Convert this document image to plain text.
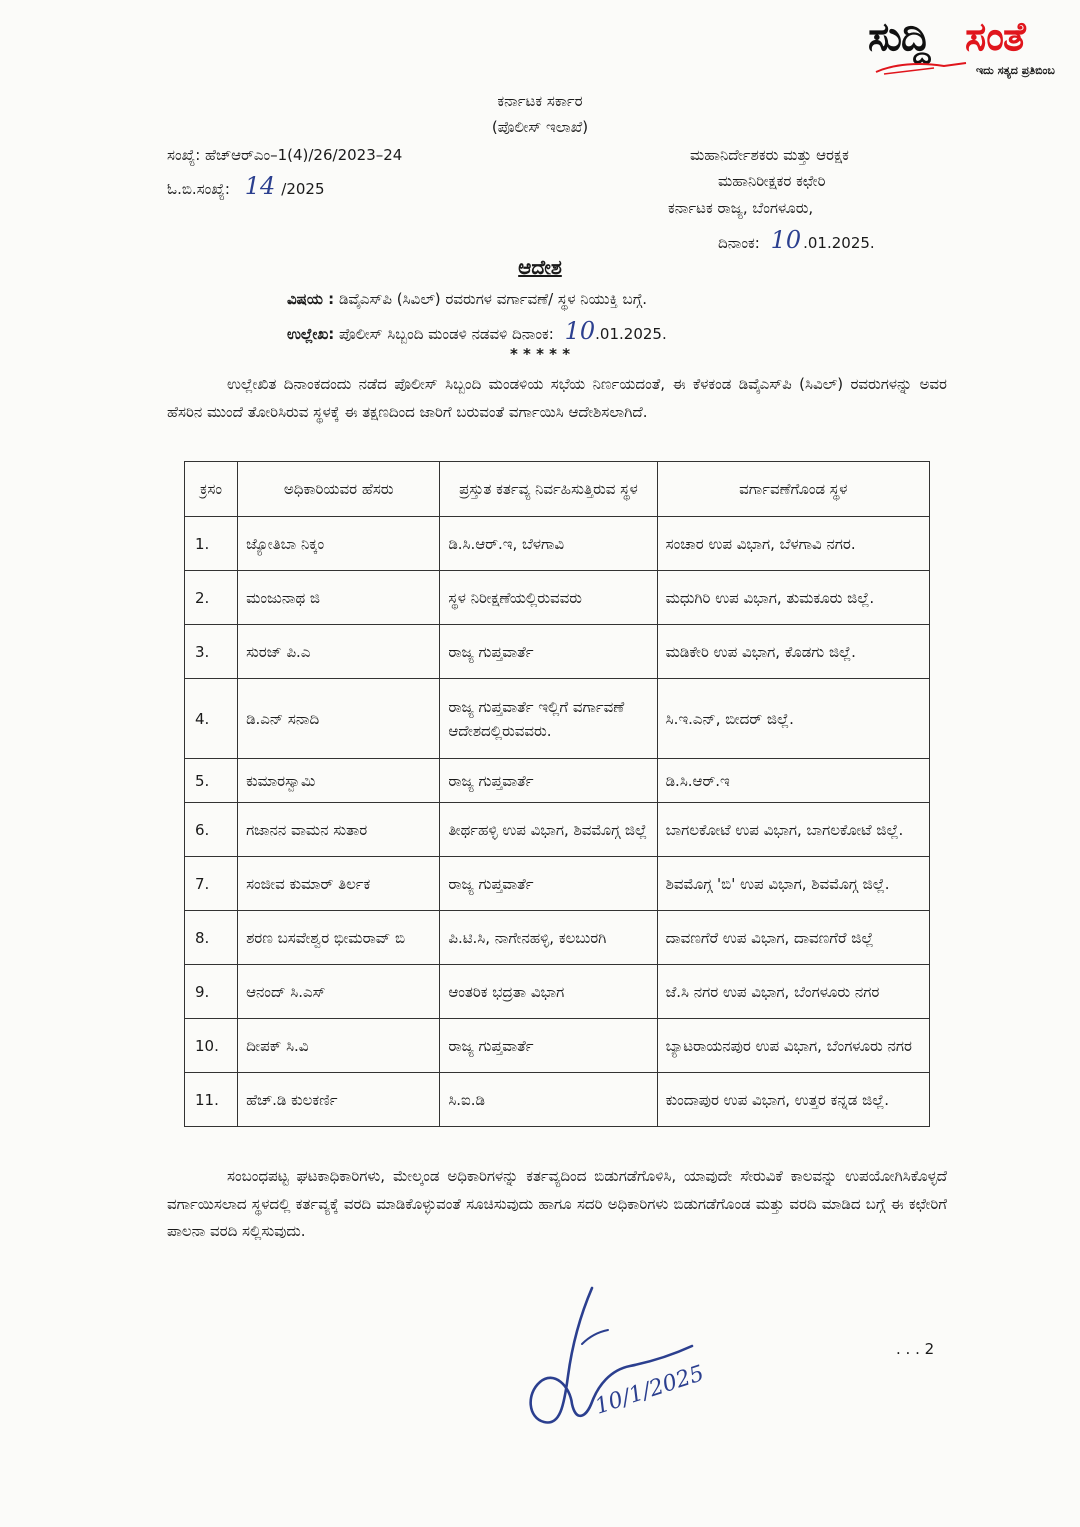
ಸುದ್ದಿ ಸಂತೆ
ಇದು ಸತ್ಯದ ಪ್ರತಿಬಿಂಬ
ಕರ್ನಾಟಕ ಸರ್ಕಾರ
(ಪೊಲೀಸ್ ಇಲಾಖೆ)
ಸಂಖ್ಯೆ: ಹೆಚ್‌ಆರ್‌ಎಂ–1(4)/26/2023–24
ಓ.ಬಿ.ಸಂಖ್ಯೆ: 14 /2025
ಮಹಾನಿರ್ದೇಶಕರು ಮತ್ತು ಆರಕ್ಷಕ
ಮಹಾನಿರೀಕ್ಷಕರ ಕಛೇರಿ
ಕರ್ನಾಟಕ ರಾಜ್ಯ, ಬೆಂಗಳೂರು,
ದಿನಾಂಕ: 10 .01.2025.
ಆದೇಶ
ವಿಷಯ : ಡಿವೈಎಸ್‌ಪಿ (ಸಿವಿಲ್) ರವರುಗಳ ವರ್ಗಾವಣೆ/ ಸ್ಥಳ ನಿಯುಕ್ತಿ ಬಗ್ಗೆ.
ಉಲ್ಲೇಖ: ಪೊಲೀಸ್ ಸಿಬ್ಬಂದಿ ಮಂಡಳಿ ನಡವಳಿ ದಿನಾಂಕ: 10.01.2025.
* * * * *
ಉಲ್ಲೇಖಿತ ದಿನಾಂಕದಂದು ನಡೆದ ಪೊಲೀಸ್ ಸಿಬ್ಬಂದಿ ಮಂಡಳಿಯ ಸಭೆಯ ನಿರ್ಣಯದಂತೆ, ಈ ಕೆಳಕಂಡ ಡಿವೈಎಸ್‌ಪಿ (ಸಿವಿಲ್) ರವರುಗಳನ್ನು ಅವರ ಹೆಸರಿನ ಮುಂದೆ ತೋರಿಸಿರುವ ಸ್ಥಳಕ್ಕೆ ಈ ತಕ್ಷಣದಿಂದ ಜಾರಿಗೆ ಬರುವಂತೆ ವರ್ಗಾಯಿಸಿ ಆದೇಶಿಸಲಾಗಿದೆ.
ಕ್ರಸಂ	ಅಧಿಕಾರಿಯವರ ಹೆಸರು	ಪ್ರಸ್ತುತ ಕರ್ತವ್ಯ ನಿರ್ವಹಿಸುತ್ತಿರುವ ಸ್ಥಳ	ವರ್ಗಾವಣೆಗೊಂಡ ಸ್ಥಳ
1.	ಜ್ಯೋತಿಬಾ ನಿಕ್ಕಂ	ಡಿ.ಸಿ.ಆರ್.ಇ, ಬೆಳಗಾವಿ	ಸಂಚಾರ ಉಪ ವಿಭಾಗ, ಬೆಳಗಾವಿ ನಗರ.
2.	ಮಂಜುನಾಥ ಜಿ	ಸ್ಥಳ ನಿರೀಕ್ಷಣೆಯಲ್ಲಿರುವವರು	ಮಧುಗಿರಿ ಉಪ ವಿಭಾಗ, ತುಮಕೂರು ಜಿಲ್ಲೆ.
3.	ಸುರಜ್ ಪಿ.ಎ	ರಾಜ್ಯ ಗುಪ್ತವಾರ್ತೆ	ಮಡಿಕೇರಿ ಉಪ ವಿಭಾಗ, ಕೊಡಗು ಜಿಲ್ಲೆ.
4.	ಡಿ.ಎನ್ ಸನಾದಿ	ರಾಜ್ಯ ಗುಪ್ತವಾರ್ತೆ ಇಲ್ಲಿಗೆ ವರ್ಗಾವಣೆ ಆದೇಶದಲ್ಲಿರುವವರು.	ಸಿ.ಇ.ಎನ್, ಬೀದರ್ ಜಿಲ್ಲೆ.
5.	ಕುಮಾರಸ್ವಾಮಿ	ರಾಜ್ಯ ಗುಪ್ತವಾರ್ತೆ	ಡಿ.ಸಿ.ಆರ್.ಇ
6.	ಗಜಾನನ ವಾಮನ ಸುತಾರ	ತೀರ್ಥಹಳ್ಳಿ ಉಪ ವಿಭಾಗ, ಶಿವಮೊಗ್ಗ ಜಿಲ್ಲೆ	ಬಾಗಲಕೋಟೆ ಉಪ ವಿಭಾಗ, ಬಾಗಲಕೋಟೆ ಜಿಲ್ಲೆ.
7.	ಸಂಜೀವ ಕುಮಾರ್ ತಿರ್ಲಕ	ರಾಜ್ಯ ಗುಪ್ತವಾರ್ತೆ	ಶಿವಮೊಗ್ಗ 'ಬಿ' ಉಪ ವಿಭಾಗ, ಶಿವಮೊಗ್ಗ ಜಿಲ್ಲೆ.
8.	ಶರಣ ಬಸವೇಶ್ವರ ಭೀಮರಾವ್ ಬಿ	ಪಿ.ಟಿ.ಸಿ, ನಾಗೇನಹಳ್ಳಿ, ಕಲಬುರಗಿ	ದಾವಣಗೆರೆ ಉಪ ವಿಭಾಗ, ದಾವಣಗೆರೆ ಜಿಲ್ಲೆ
9.	ಆನಂದ್ ಸಿ.ಎಸ್	ಆಂತರಿಕ ಭದ್ರತಾ ವಿಭಾಗ	ಜೆ.ಸಿ ನಗರ ಉಪ ವಿಭಾಗ, ಬೆಂಗಳೂರು ನಗರ
10.	ದೀಪಕ್ ಸಿ.ವಿ	ರಾಜ್ಯ ಗುಪ್ತವಾರ್ತೆ	ಬ್ಯಾಟರಾಯನಪುರ ಉಪ ವಿಭಾಗ, ಬೆಂಗಳೂರು ನಗರ
11.	ಹೆಚ್.ಡಿ ಕುಲಕರ್ಣಿ	ಸಿ.ಐ.ಡಿ	ಕುಂದಾಪುರ ಉಪ ವಿಭಾಗ, ಉತ್ತರ ಕನ್ನಡ ಜಿಲ್ಲೆ.
ಸಂಬಂಧಪಟ್ಟ ಘಟಕಾಧಿಕಾರಿಗಳು, ಮೇಲ್ಕಂಡ ಅಧಿಕಾರಿಗಳನ್ನು ಕರ್ತವ್ಯದಿಂದ ಬಿಡುಗಡೆಗೊಳಿಸಿ, ಯಾವುದೇ ಸೇರುವಿಕೆ ಕಾಲವನ್ನು ಉಪಯೋಗಿಸಿಕೊಳ್ಳದೆ ವರ್ಗಾಯಿಸಲಾದ ಸ್ಥಳದಲ್ಲಿ ಕರ್ತವ್ಯಕ್ಕೆ ವರದಿ ಮಾಡಿಕೊಳ್ಳುವಂತೆ ಸೂಚಿಸುವುದು ಹಾಗೂ ಸದರಿ ಅಧಿಕಾರಿಗಳು ಬಿಡುಗಡೆಗೊಂಡ ಮತ್ತು ವರದಿ ಮಾಡಿದ ಬಗ್ಗೆ ಈ ಕಛೇರಿಗೆ ಪಾಲನಾ ವರದಿ ಸಲ್ಲಿಸುವುದು.
. . . 2
10/1/2025
